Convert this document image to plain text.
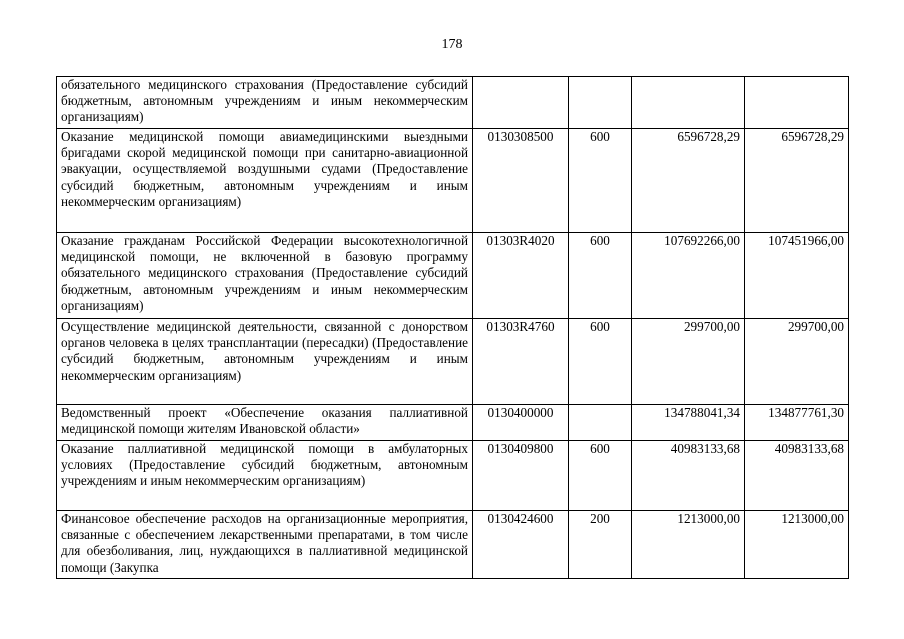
178
обязательного медицинского страхования (Предоставление субсидий бюджетным, автономным учреждениям и иным некоммерческим организациям)				
Оказание медицинской помощи авиамедицинскими выездными бригадами скорой медицинской помощи при санитарно-авиационной эвакуации, осуществляемой воздушными судами (Предоставление субсидий бюджетным, автономным учреждениям и иным некоммерческим организациям)	0130308500	600	6596728,29	6596728,29
Оказание гражданам Российской Федерации высокотехнологичной медицинской помощи, не включенной в базовую программу обязательного медицинского страхования (Предоставление субсидий бюджетным, автономным учреждениям и иным некоммерческим организациям)	01303R4020	600	107692266,00	107451966,00
Осуществление медицинской деятельности, связанной с донорством органов человека в целях трансплантации (пересадки) (Предоставление субсидий бюджетным, автономным учреждениям и иным некоммерческим организациям)	01303R4760	600	299700,00	299700,00
Ведомственный проект «Обеспечение оказания паллиативной медицинской помощи жителям Ивановской области»	0130400000		134788041,34	134877761,30
Оказание паллиативной медицинской помощи в амбулаторных условиях (Предоставление субсидий бюджетным, автономным учреждениям и иным некоммерческим организациям)	0130409800	600	40983133,68	40983133,68
Финансовое обеспечение расходов на организационные мероприятия, связанные с обеспечением лекарственными препаратами, в том числе для обезболивания, лиц, нуждающихся в паллиативной медицинской помощи (Закупка	0130424600	200	1213000,00	1213000,00
